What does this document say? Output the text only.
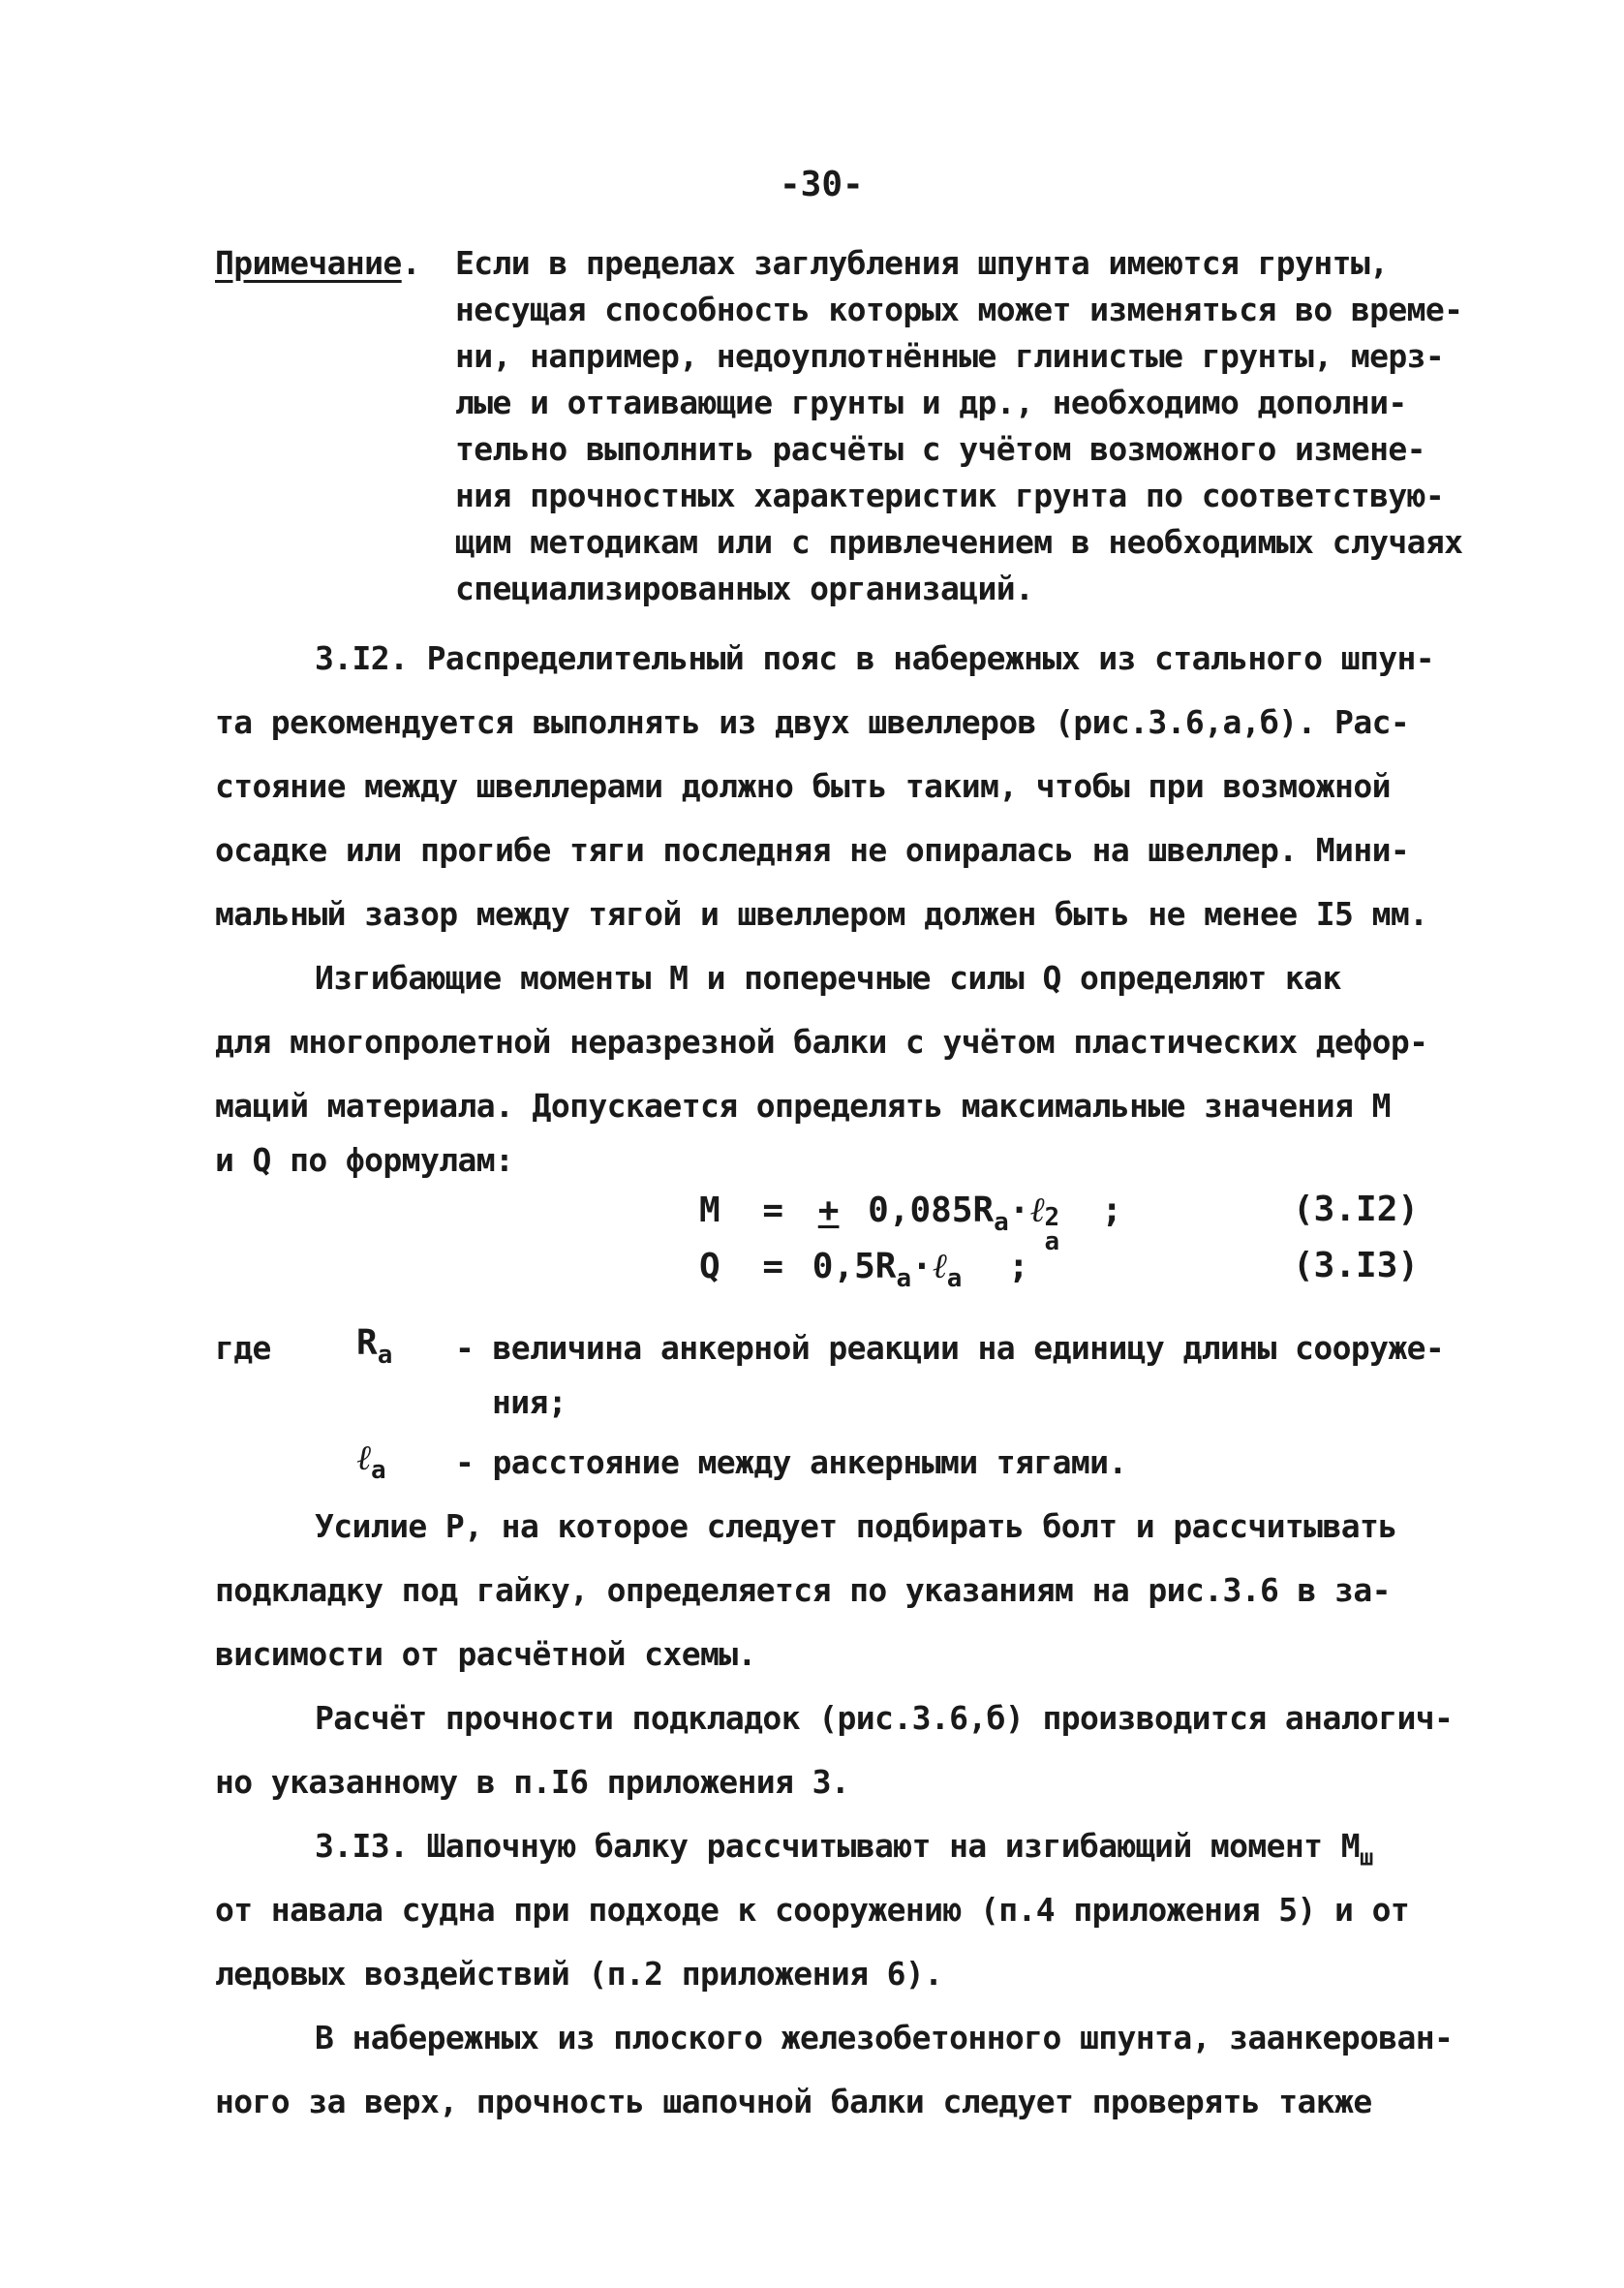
-30-
Примечание. Если в пределах заглубления шпунта имеются грунты,
несущая способность которых может изменяться во време-
ни, например, недоуплотнённые глинистые грунты, мерз-
лые и оттаивающие грунты и др., необходимо дополни-
тельно выполнить расчёты с учётом возможного измене-
ния прочностных характеристик грунта по соответствую-
щим методикам или с привлечением в необходимых случаях
специализированных организаций.
3.I2. Распределительный пояс в набережных из стального шпун-
та рекомендуется выполнять из двух швеллеров (рис.3.6,а,б). Рас-
стояние между швеллерами должно быть таким, чтобы при возможной
осадке или прогибе тяги последняя не опиралась на швеллер. Мини-
мальный зазор между тягой и швеллером должен быть не менее I5 мм.
Изгибающие моменты М и поперечные силы Q определяют как
для многопролетной неразрезной балки с учётом пластических дефор-
маций материала. Допускается определять максимальные значения М
и Q по формулам:
M = + $0,085R_a\cdot\ell$ 2
a
;	(3.I2)
$Q = 0,5R_a\cdot\ell_a$ ;	(3.I3)
где $R_a$ - величина анкерной реакции на единицу длины сооруже-
ния;
ℓ$_a$ - расстояние между анкерными тягами.
Усилие Р, на которое следует подбирать болт и рассчитывать
подкладку под гайку, определяется по указаниям на рис.3.6 в за-
висимости от расчётной схемы.
Расчёт прочности подкладок (рис.3.6,б) производится аналогич-
но указанному в п.I6 приложения 3.
3.I3. Шапочную балку рассчитывают на изгибающий момент $М_ш$
от навала судна при подходе к сооружению (п.4 приложения 5) и от
ледовых воздействий (п.2 приложения 6).
В набережных из плоского железобетонного шпунта, заанкерован-
ного за верх, прочность шапочной балки следует проверять также
